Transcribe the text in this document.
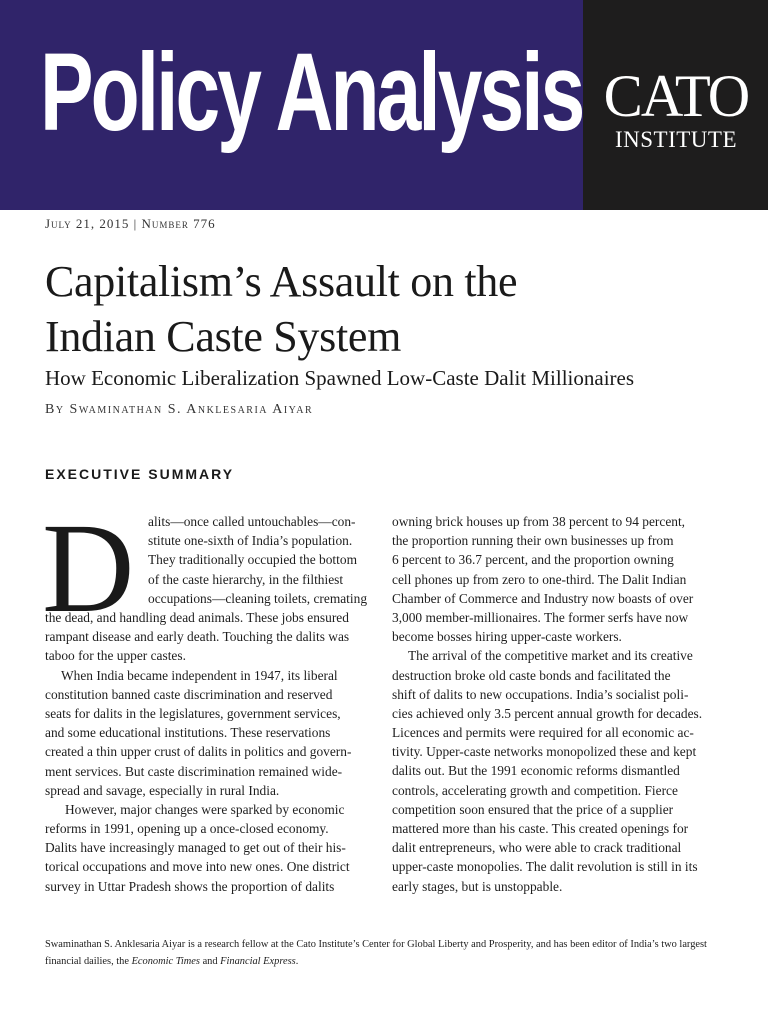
Policy Analysis CATO
INSTITUTE
July 21, 2015 | Number 776
Capitalism’s Assault on the
Indian Caste System
How Economic Liberalization Spawned Low-Caste Dalit Millionaires
By Swaminathan S. Anklesaria Aiyar
EXECUTIVE SUMMARY
D alits—once called untouchables—con-
stitute one-sixth of India’s population.
They traditionally occupied the bottom
of the caste hierarchy, in the filthiest
occupations—cleaning toilets, cremating
the dead, and handling dead animals. These jobs ensured
rampant disease and early death. Touching the dalits was
taboo for the upper castes.
When India became independent in 1947, its liberal
constitution banned caste discrimination and reserved
seats for dalits in the legislatures, government services,
and some educational institutions. These reservations
created a thin upper crust of dalits in politics and govern-
ment services. But caste discrimination remained wide-
spread and savage, especially in rural India.
However, major changes were sparked by economic
reforms in 1991, opening up a once-closed economy.
Dalits have increasingly managed to get out of their his-
torical occupations and move into new ones. One district
survey in Uttar Pradesh shows the proportion of dalits
owning brick houses up from 38 percent to 94 percent,
the proportion running their own businesses up from
6 percent to 36.7 percent, and the proportion owning
cell phones up from zero to one-third. The Dalit Indian
Chamber of Commerce and Industry now boasts of over
3,000 member-millionaires. The former serfs have now
become bosses hiring upper-caste workers.
The arrival of the competitive market and its creative
destruction broke old caste bonds and facilitated the
shift of dalits to new occupations. India’s socialist poli-
cies achieved only 3.5 percent annual growth for decades.
Licences and permits were required for all economic ac-
tivity. Upper-caste networks monopolized these and kept
dalits out. But the 1991 economic reforms dismantled
controls, accelerating growth and competition. Fierce
competition soon ensured that the price of a supplier
mattered more than his caste. This created openings for
dalit entrepreneurs, who were able to crack traditional
upper-caste monopolies. The dalit revolution is still in its
early stages, but is unstoppable.
Swaminathan S. Anklesaria Aiyar is a research fellow at the Cato Institute’s Center for Global Liberty and Prosperity, and has been editor of India’s two largest financial dailies, the Economic Times and Financial Express.
